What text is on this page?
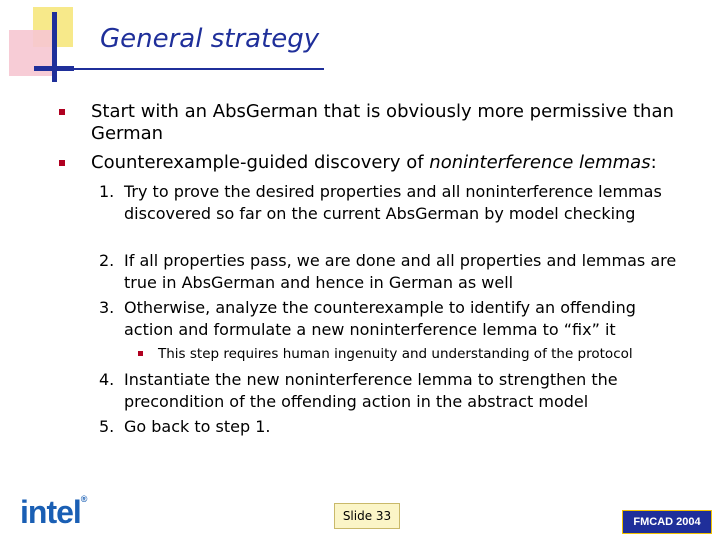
General strategy
Start with an AbsGerman that is obviously more permissive than German
Counterexample-guided discovery of noninterference lemmas:
1. Try to prove the desired properties and all noninterference lemmas discovered so far on the current AbsGerman by model checking
2. If all properties pass, we are done and all properties and lemmas are true in AbsGerman and hence in German as well
3. Otherwise, analyze the counterexample to identify an offending action and formulate a new noninterference lemma to “fix” it
This step requires human ingenuity and understanding of the protocol
4. Instantiate the new noninterference lemma to strengthen the precondition of the offending action in the abstract model
5. Go back to step 1.
intel®
Slide 33	FMCAD 2004
